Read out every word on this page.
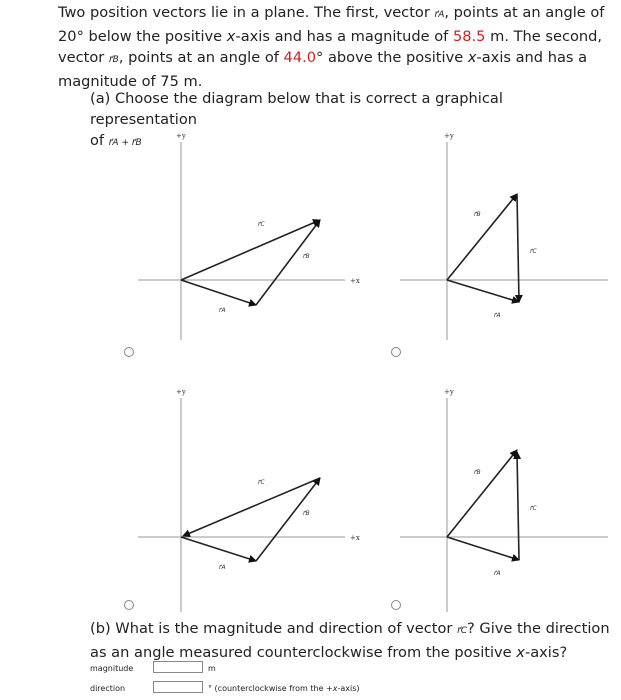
Two position vectors lie in a plane. The first, vector r⃗A, points at an angle of
20° below the positive x-axis and has a magnitude of 58.5 m. The second,
vector r⃗B, points at an angle of 44.0° above the positive x-axis and has a
magnitude of 75 m.
(a) Choose the diagram below that is correct a graphical representation
of r⃗A + r⃗B
+y
+x
r⃗C
r⃗B
r⃗A
+y
r⃗B
r⃗C
r⃗A
+y
+x
r⃗C
r⃗B
r⃗A
+y
r⃗B
r⃗C
r⃗A
(b) What is the magnitude and direction of vector r⃗C? Give the direction
as an angle measured counterclockwise from the positive x-axis?
magnitude	m
direction	° (counterclockwise from the +x-axis)
